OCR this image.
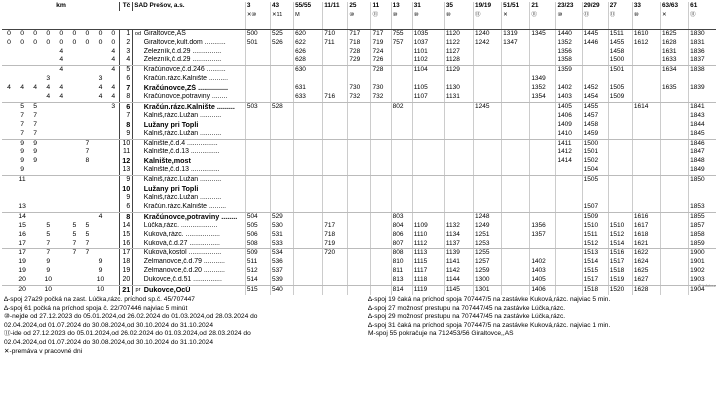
km									Tč	SAD Prešov, a.s.		3	43	55/55	11/11	25	11	13	31	35	19/19	51/51	21	23/23	29/29	27	33	63/63	61
												✕⑩	✕11	M		⑩	⑪	⑩	⑩	⑩	⑪	✕	⑪	⑩	⑪	⑪	⑩	✕	⑪

0	0	0	0	0	0	0	0	0	1	od	Giraltovce,AS	500	525	620	710	717	717	755	1035	1120	1240	1319	1345	1440	1445	1511	1610	1625	1830
0	0	0	0	0	0	0	0	0	2		Giraltovce,kult.dom ...........	501	526	622	711	718	719	757	1037	1122	1242	1347		1352	1446	1455	1612	1628	1831
				4				4	3		Železník,č.d.29 ...............			626		728	724		1101	1127				1356		1458		1631	1836
				4				4	4		Železník,č.d.29 ...............			628		729	726		1102	1128				1358		1500		1633	1837
				4				4	5		Kračúnovce,č.d.246 ..........			630			728		1104	1129				1359		1501		1634	1838
			3				3		6		Kračún.rázc.Kalnište ..........												1349						
4	4	4	4	4			4	4	7		Kračúnovce,ZŠ ...............			631		730	730		1105	1130			1352	1402	1452	1505		1635	1839
			4	4			4	4	8		Kračúnovce,potraviny ........			633	716	732	732		1107	1131			1354	1403	1454	1509			
	5	5						3	6		Kračún.rázc.Kalnište .........	503	528					802			1245			1405	1455		1614		1841
	7	7							7		Kalniš,rázc.Lužan ...........													1406	1457				1843
	7	7							8		Lužany pri Topli													1409	1458				1844
	7	7							9		Kalniš,rázc.Lužan ...........													1410	1459				1845
	9	9				7			10		Kalnište,č.d.4 ................													1411	1500				1846
	9	9				7			11		Kalnište,č.d.13 ...............													1412	1501				1847
	9	9				8			12		Kalnište,most													1414	1502				1848
	9								13		Kalnište,č.d.13 ...............														1504				1849
	11								9		Kalniš,rázc.Lužan ...........														1505				1850
									10		Lužany pri Topli																		
									9		Kalniš,rázc.Lužan ...........																		
	13								6		Kračún.rázc.Kalnište .........														1507				1853
	14						4		8		Kračúnovce,potraviny ........	504	529					803			1248				1509		1616		1855
	15		5		5	5			14		Lúčka,rázc. ...................	505	530		717			804	1109	1132	1249		1356		1510	1510	1617		1857
	16		5		5	5			15		Kuková,rázc. ..................	506	531		718			806	1110	1134	1251		1357		1511	1512	1618		1858
	17		7		7	7			16		Kuková,č.d.27 ................	508	533		719			807	1112	1137	1253				1512	1514	1621		1859
	17		7		7	7			17		Kuková,kostol .................	509	534		720			808	1113	1139	1255				1513	1516	1622		1900
	19		9				9		18		Želmanovce,č.d.79 ...........	511	536					810	1115	1141	1257		1402		1514	1517	1624		1901
	19		9				9		19		Želmanovce,č.d.20 ...........	512	537					811	1117	1142	1259		1403		1515	1518	1625		1902
	20		10				10		20		Dukovce,č.d.51 ...............	514	539					813	1118	1144	1300		1405		1517	1519	1627		1903
	20		10				10		21	pr	Dukovce,OcÚ	515	540					814	1119	1145	1301		1406		1518	1520	1628		1904
∆-spoj 27a29 počká na zast. Lúčka,rázc. príchod sp.č. 45/707447
∆-spoj 61 počká na príchod spoja č. 22/707446 najviac 5 minút
⑩-nejde od 27.12.2023 do 05.01.2024,od 26.02.2024 do 01.03.2024,od 28.03.2024 do
02.04.2024,od 01.07.2024 do 30.08.2024,od 30.10.2024 do 31.10.2024
⑪-ide od 27.12.2023 do 05.01.2024,od 26.02.2024 do 01.03.2024,od 28.03.2024 do
02.04.2024,od 01.07.2024 do 30.08.2024,od 30.10.2024 do 31.10.2024
✕-premáva v pracovné dni
∆-spoj 19 čaká na príchod spoja 707447/5 na zastávke Kuková,rázc. najviac 5 min.
∆-spoj 27 možnosť prestupu na 707447/45 na zastávke Lúčka,rázc.
∆-spoj 29 možnosť prestupu na 707447/45 na zastávke Lúčka,rázc.
∆-spoj 31 čaká na príchod spoja 707447/5 na zastávke Kuková,rázc. najviac 1 min.
M-spoj 55 pokračuje na 712453/56 Giraltovce,,AS
© Infotour
